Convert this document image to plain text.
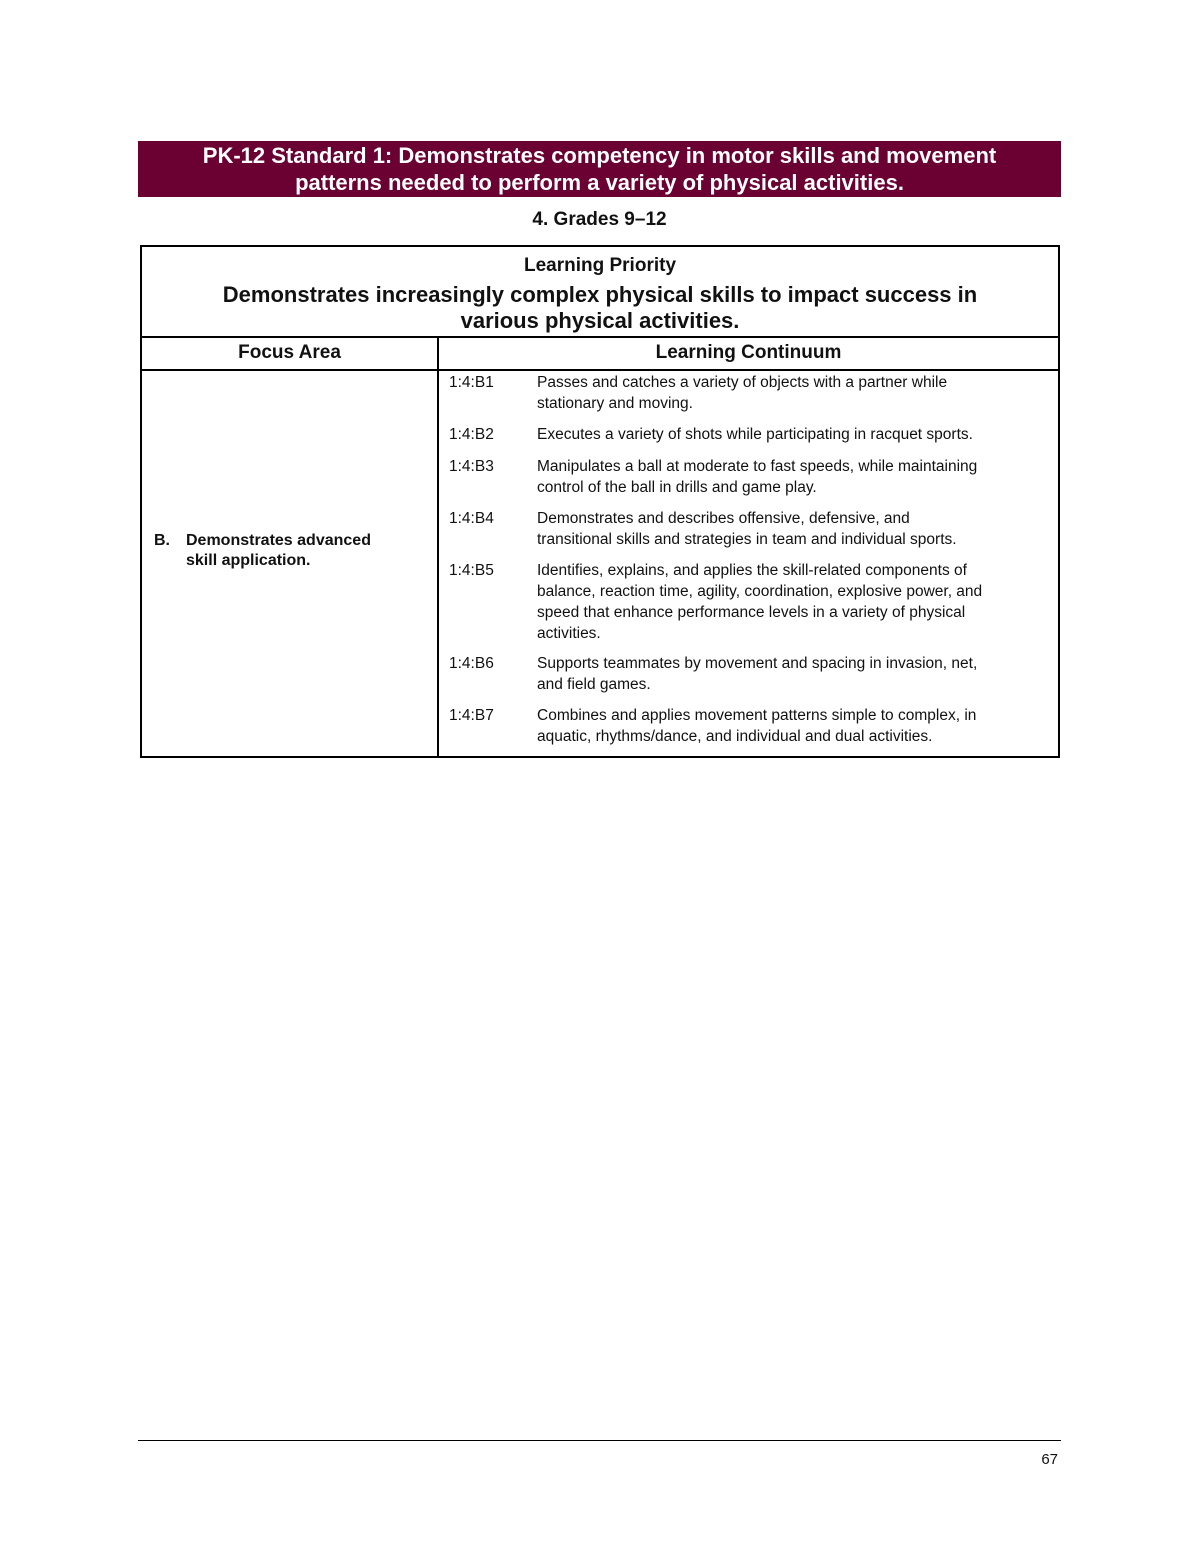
PK-12 Standard 1: Demonstrates competency in motor skills and movement
patterns needed to perform a variety of physical activities.
4. Grades 9–12
Learning Priority
Demonstrates increasingly complex physical skills to impact success in
various physical activities.
Focus Area	Learning Continuum
B.	Demonstrates advanced
skill application.
1:4:B1	Passes and catches a variety of objects with a partner while
stationary and moving.
1:4:B2	Executes a variety of shots while participating in racquet sports.
1:4:B3	Manipulates a ball at moderate to fast speeds, while maintaining
control of the ball in drills and game play.
1:4:B4	Demonstrates and describes offensive, defensive, and
transitional skills and strategies in team and individual sports.
1:4:B5	Identifies, explains, and applies the skill-related components of
balance, reaction time, agility, coordination, explosive power, and
speed that enhance performance levels in a variety of physical
activities.
1:4:B6	Supports teammates by movement and spacing in invasion, net,
and field games.
1:4:B7	Combines and applies movement patterns simple to complex, in
aquatic, rhythms/dance, and individual and dual activities.
67
